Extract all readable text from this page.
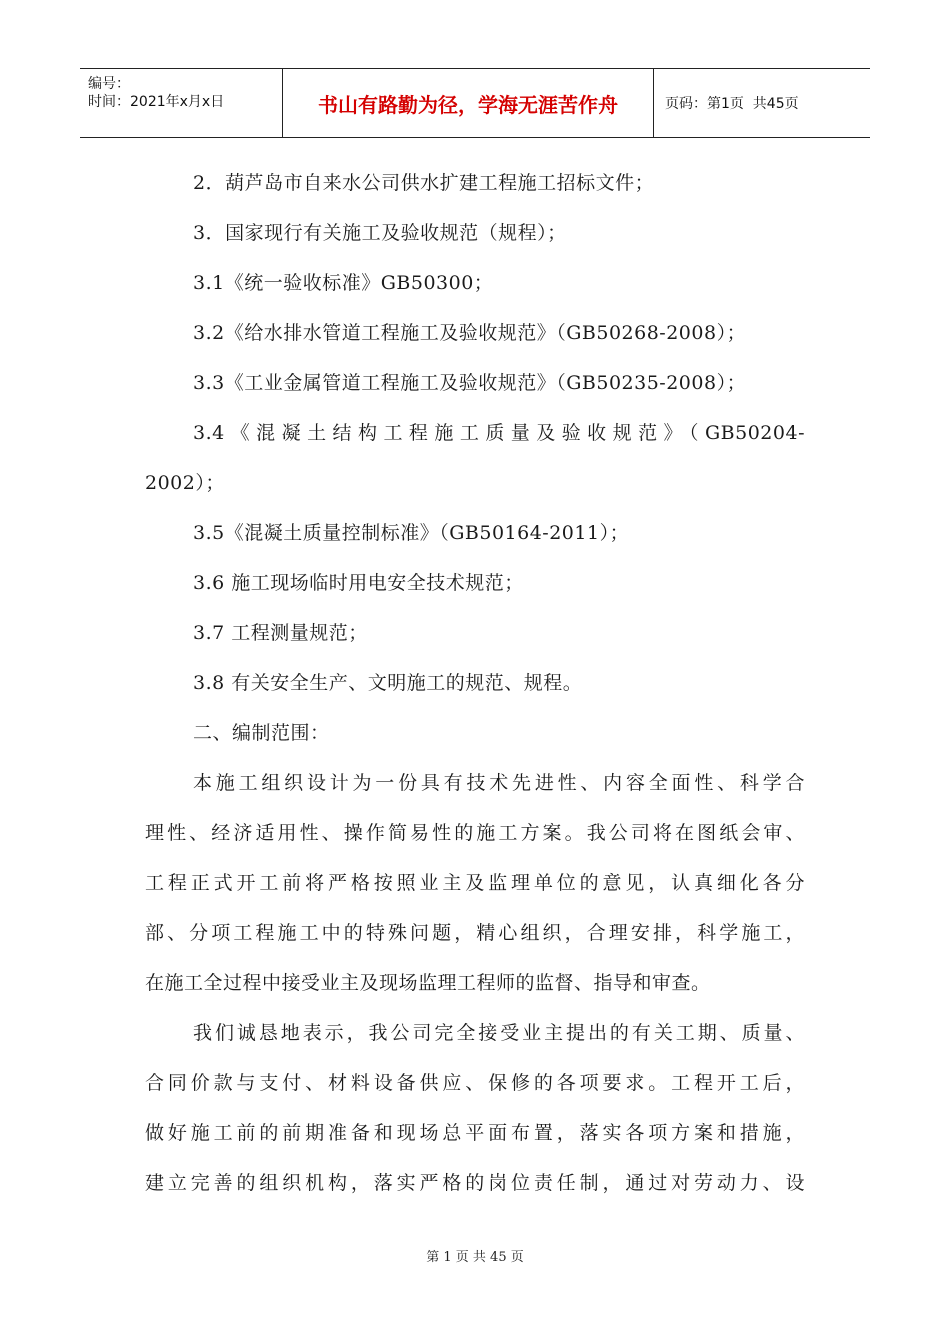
编号：
时间：2021年x月x日	书山有路勤为径，学海无涯苦作舟	页码：第1页  共45页
2．葫芦岛市自来水公司供水扩建工程施工招标文件；
3．国家现行有关施工及验收规范（规程）；
3.1《统一验收标准》GB50300；
3.2《给水排水管道工程施工及验收规范》（GB50268-2008）；
3.3《工业金属管道工程施工及验收规范》（GB50235-2008）；
3.4《混凝土结构工程施工质量及验收规范》（GB50204-
2002）；
3.5《混凝土质量控制标准》（GB50164-2011）；
3.6 施工现场临时用电安全技术规范；
3.7 工程测量规范；
3.8 有关安全生产、文明施工的规范、规程。
二、编制范围：
本施工组织设计为一份具有技术先进性、内容全面性、科学合
理性、经济适用性、操作简易性的施工方案。我公司将在图纸会审、
工程正式开工前将严格按照业主及监理单位的意见，认真细化各分
部、分项工程施工中的特殊问题，精心组织，合理安排，科学施工，
在施工全过程中接受业主及现场监理工程师的监督、指导和审查。
我们诚恳地表示，我公司完全接受业主提出的有关工期、质量、
合同价款与支付、材料设备供应、保修的各项要求。工程开工后，
做好施工前的前期准备和现场总平面布置，落实各项方案和措施，
建立完善的组织机构，落实严格的岗位责任制，通过对劳动力、设
第 1 页 共 45 页
